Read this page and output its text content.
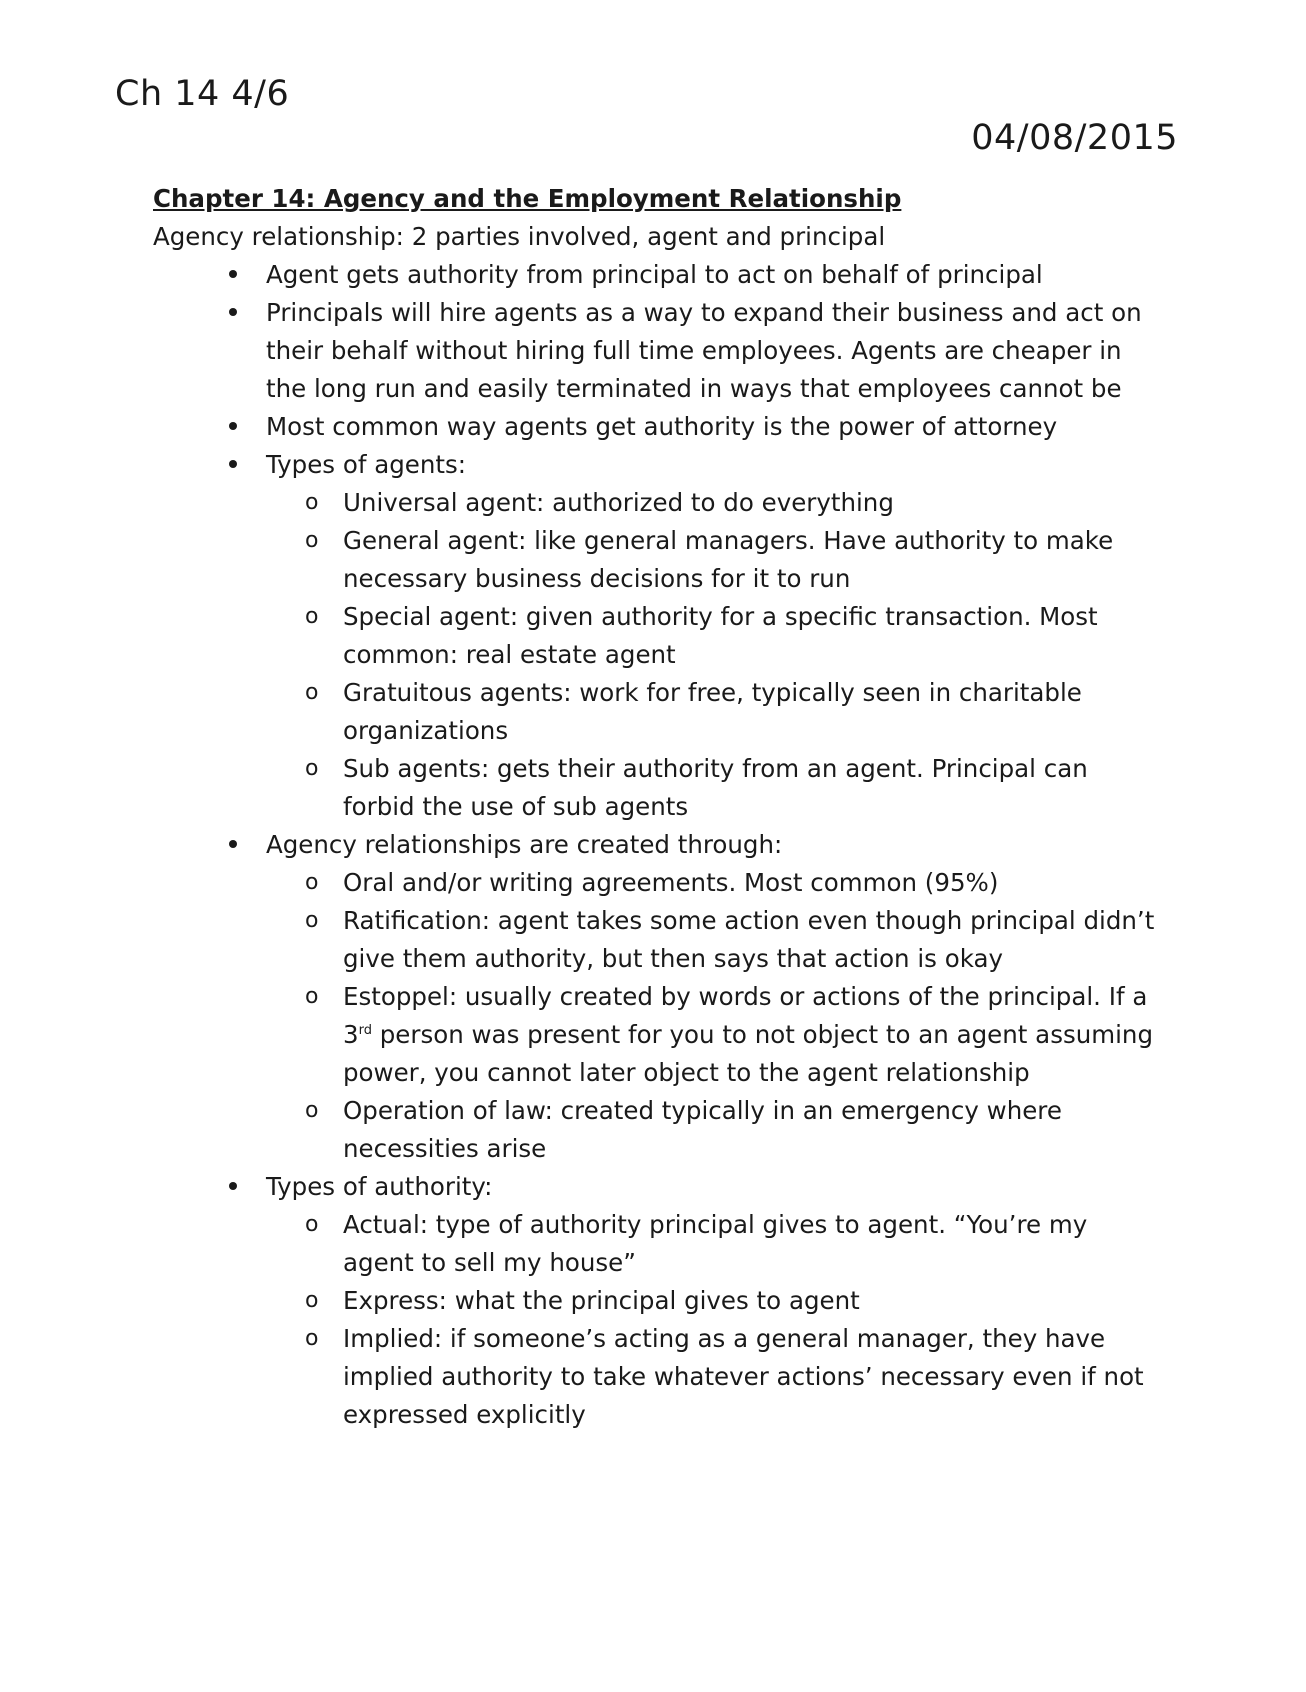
Ch 14 4/6
04/08/2015

Chapter 14: Agency and the Employment Relationship

Agency relationship: 2 parties involved, agent and principal

Agent gets authority from principal to act on behalf of principal
Principals will hire agents as a way to expand their business and act on their behalf without hiring full time employees. Agents are cheaper in the long run and easily terminated in ways that employees cannot be
Most common way agents get authority is the power of attorney
Types of agents:
o Universal agent: authorized to do everything
o General agent: like general managers. Have authority to make necessary business decisions for it to run
o Special agent: given authority for a specific transaction. Most common: real estate agent
o Gratuitous agents: work for free, typically seen in charitable organizations
o Sub agents: gets their authority from an agent. Principal can forbid the use of sub agents
Agency relationships are created through:
o Oral and/or writing agreements. Most common (95%)
o Ratification: agent takes some action even though principal didn’t give them authority, but then says that action is okay
o Estoppel: usually created by words or actions of the principal. If a 3rd person was present for you to not object to an agent assuming power, you cannot later object to the agent relationship
o Operation of law: created typically in an emergency where necessities arise
Types of authority:
o Actual: type of authority principal gives to agent. “You’re my agent to sell my house”
o Express: what the principal gives to agent
o Implied: if someone’s acting as a general manager, they have implied authority to take whatever actions’ necessary even if not expressed explicitly
